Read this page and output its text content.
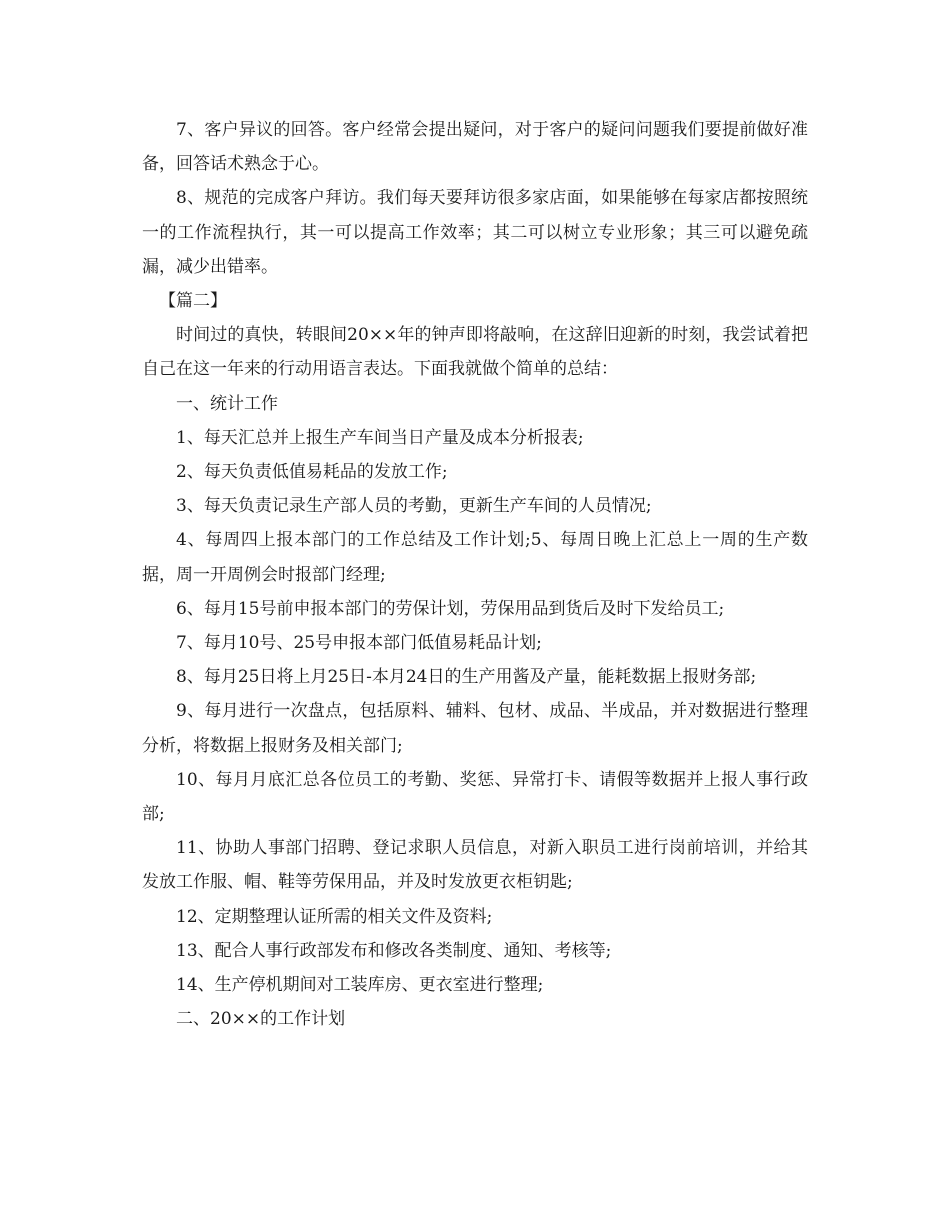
7、客户异议的回答。客户经常会提出疑问，对于客户的疑问问题我们要提前做好准备，回答话术熟念于心。

8、规范的完成客户拜访。我们每天要拜访很多家店面，如果能够在每家店都按照统一的工作流程执行，其一可以提高工作效率；其二可以树立专业形象；其三可以避免疏漏，减少出错率。

【篇二】

时间过的真快，转眼间20××年的钟声即将敲响，在这辞旧迎新的时刻，我尝试着把自己在这一年来的行动用语言表达。下面我就做个简单的总结：

一、统计工作

1、每天汇总并上报生产车间当日产量及成本分析报表;

2、每天负责低值易耗品的发放工作;

3、每天负责记录生产部人员的考勤，更新生产车间的人员情况;

4、每周四上报本部门的工作总结及工作计划;5、每周日晚上汇总上一周的生产数据，周一开周例会时报部门经理;

6、每月15号前申报本部门的劳保计划，劳保用品到货后及时下发给员工;

7、每月10号、25号申报本部门低值易耗品计划;

8、每月25日将上月25日-本月24日的生产用酱及产量，能耗数据上报财务部;

9、每月进行一次盘点，包括原料、辅料、包材、成品、半成品，并对数据进行整理分析，将数据上报财务及相关部门;

10、每月月底汇总各位员工的考勤、奖惩、异常打卡、请假等数据并上报人事行政部;

11、协助人事部门招聘、登记求职人员信息，对新入职员工进行岗前培训，并给其发放工作服、帽、鞋等劳保用品，并及时发放更衣柜钥匙;

12、定期整理认证所需的相关文件及资料;

13、配合人事行政部发布和修改各类制度、通知、考核等;

14、生产停机期间对工装库房、更衣室进行整理;

二、20××的工作计划
